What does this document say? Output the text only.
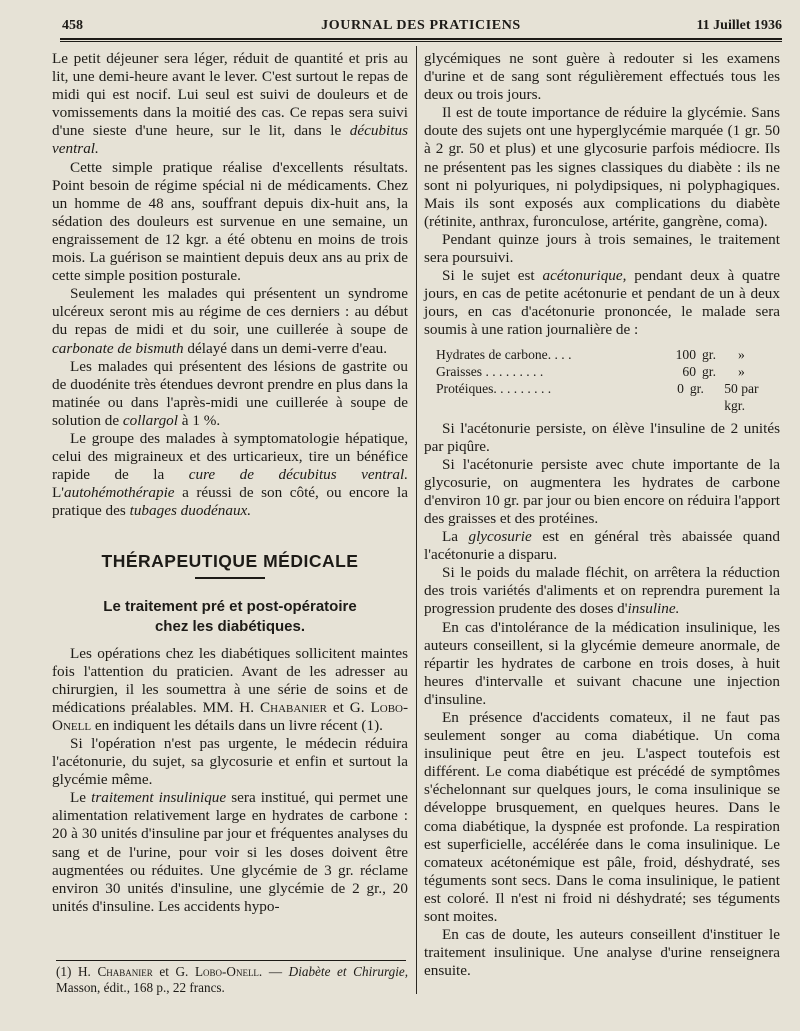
458	JOURNAL DES PRATICIENS	11 Juillet 1936

Le petit déjeuner sera léger, réduit de quantité et pris au lit, une demi-heure avant le lever. C'est surtout le repas de midi qui est nocif. Lui seul est suivi de douleurs et de vomissements dans la moitié des cas. Ce repas sera suivi d'une sieste d'une heure, sur le lit, dans le décubitus ventral.

Cette simple pratique réalise d'excellents résultats. Point besoin de régime spécial ni de médicaments. Chez un homme de 48 ans, souffrant depuis dix-huit ans, la sédation des douleurs est survenue en une semaine, un engraissement de 12 kgr. a été obtenu en moins de trois mois. La guérison se maintient depuis deux ans au prix de cette simple position posturale.

Seulement les malades qui présentent un syndrome ulcéreux seront mis au régime de ces derniers : au début du repas de midi et du soir, une cuillerée à soupe de carbonate de bismuth délayé dans un demi-verre d'eau.

Les malades qui présentent des lésions de gastrite ou de duodénite très étendues devront prendre en plus dans la matinée ou dans l'après-midi une cuillerée à soupe de solution de collargol à 1 %.

Le groupe des malades à symptomatologie hépatique, celui des migraineux et des urticarieux, tire un bénéfice rapide de la cure de décubitus ventral. L'autohémothérapie a réussi de son côté, ou encore la pratique des tubages duodénaux.

THÉRAPEUTIQUE MÉDICALE
Le traitement pré et post-opératoire
chez les diabétiques.

Les opérations chez les diabétiques sollicitent maintes fois l'attention du praticien. Avant de les adresser au chirurgien, il les soumettra à une série de soins et de médications préalables. MM. H. Chabanier et G. Lobo-Onell en indiquent les détails dans un livre récent (1).

Si l'opération n'est pas urgente, le médecin réduira l'acétonurie, du sujet, sa glycosurie et enfin et surtout la glycémie même.

Le traitement insulinique sera institué, qui permet une alimentation relativement large en hydrates de carbone : 20 à 30 unités d'insuline par jour et fréquentes analyses du sang et de l'urine, pour voir si les doses doivent être augmentées ou réduites. Une glycémie de 3 gr. réclame environ 30 unités d'insuline, une glycémie de 2 gr., 20 unités d'insuline. Les accidents hypo-

(1) H. Chabanier et G. Lobo-Onell. — Diabète et Chirurgie, Masson, édit., 168 p., 22 francs.

glycémiques ne sont guère à redouter si les examens d'urine et de sang sont régulièrement effectués tous les deux ou trois jours.

Il est de toute importance de réduire la glycémie. Sans doute des sujets ont une hyperglycémie marquée (1 gr. 50 à 2 gr. 50 et plus) et une glycosurie parfois médiocre. Ils ne présentent pas les signes classiques du diabète : ils ne sont ni polyuriques, ni polydipsiques, ni polyphagiques. Mais ils sont exposés aux complications du diabète (rétinite, anthrax, furonculose, artérite, gangrène, coma).

Pendant quinze jours à trois semaines, le traitement sera poursuivi.

Si le sujet est acétonurique, pendant deux à quatre jours, en cas de petite acétonurie et pendant de un à deux jours, en cas d'acétonurie prononcée, le malade sera soumis à une ration journalière de :

Hydrates de carbone. . . .	100 gr.	»
Graisses . . . . . . . . .	60 gr.	»
Protéiques. . . . . . . . .	0 gr.	50 par kgr.

Si l'acétonurie persiste, on élève l'insuline de 2 unités par piqûre.

Si l'acétonurie persiste avec chute importante de la glycosurie, on augmentera les hydrates de carbone d'environ 10 gr. par jour ou bien encore on réduira l'apport des graisses et des protéines.

La glycosurie est en général très abaissée quand l'acétonurie a disparu.

Si le poids du malade fléchit, on arrêtera la réduction des trois variétés d'aliments et on reprendra purement la progression prudente des doses d'insuline.

En cas d'intolérance de la médication insulinique, les auteurs conseillent, si la glycémie demeure anormale, de répartir les hydrates de carbone en trois doses, à huit heures d'intervalle et suivant chacune une injection d'insuline.

En présence d'accidents comateux, il ne faut pas seulement songer au coma diabétique. Un coma insulinique peut être en jeu. L'aspect toutefois est différent. Le coma diabétique est précédé de symptômes s'échelonnant sur quelques jours, le coma insulinique se développe brusquement, en quelques heures. Dans le coma diabétique, la dyspnée est profonde. La respiration est superficielle, accélérée dans le coma insulinique. Le comateux acétonémique est pâle, froid, déshydraté, ses téguments sont secs. Dans le coma insulinique, le patient est coloré. Il n'est ni froid ni déshydraté; ses téguments sont moites.

En cas de doute, les auteurs conseillent d'instituer le traitement insulinique. Une analyse d'urine renseignera ensuite.
